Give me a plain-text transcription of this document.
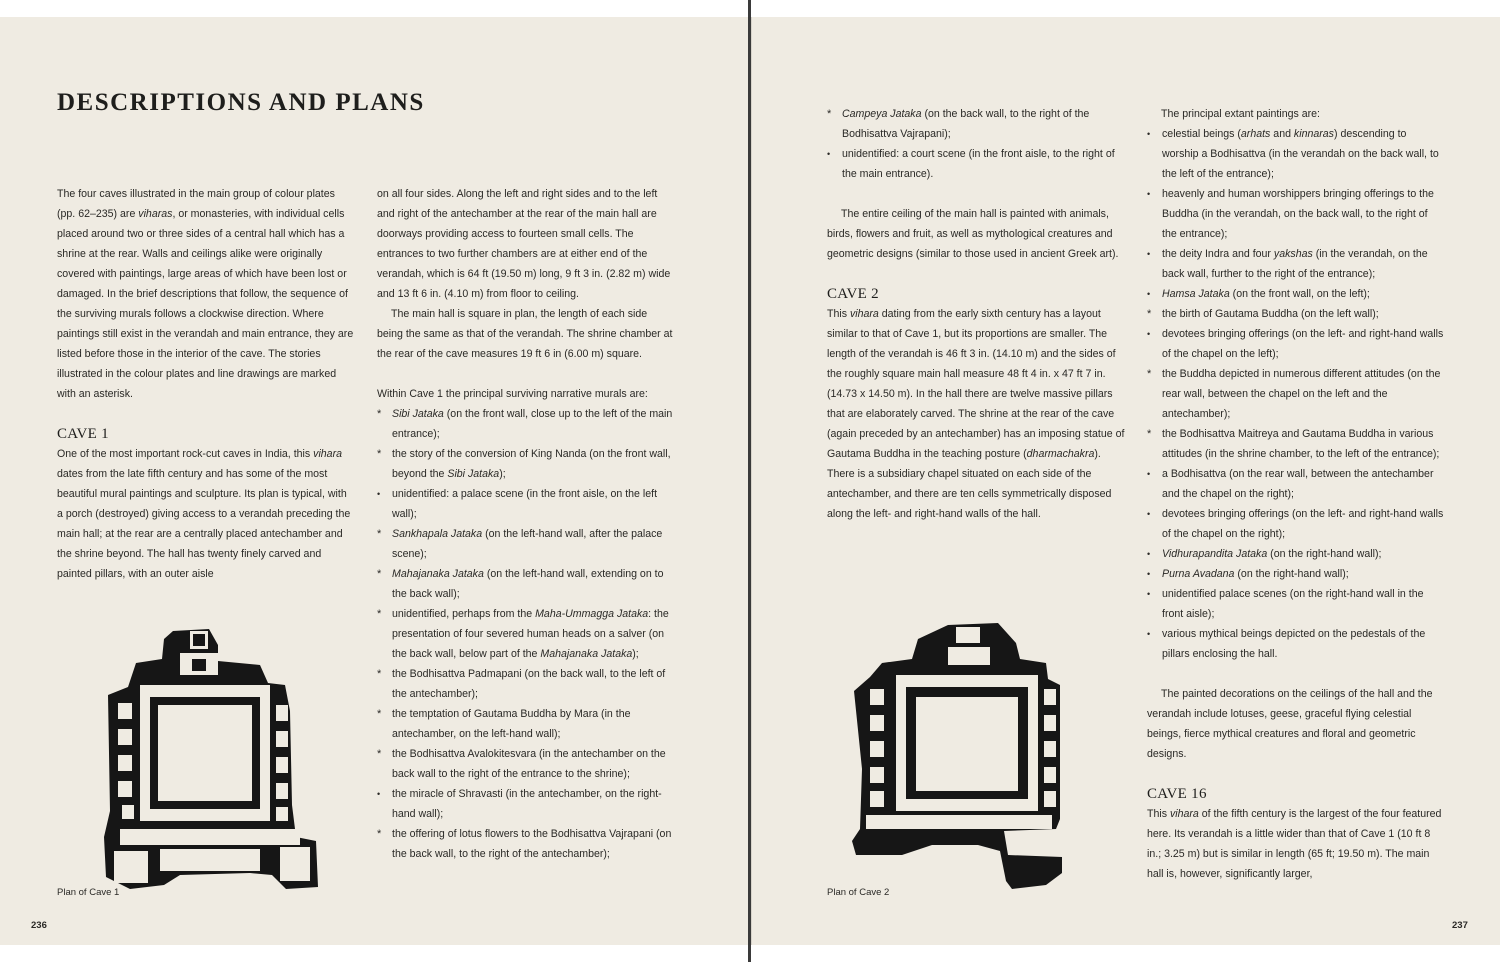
DESCRIPTIONS AND PLANS

The four caves illustrated in the main group of colour plates (pp. 62–235) are viharas, or monasteries, with individual cells placed around two or three sides of a central hall which has a shrine at the rear. Walls and ceilings alike were originally covered with paintings, large areas of which have been lost or damaged. In the brief descriptions that follow, the sequence of the surviving murals follows a clockwise direction. Where paintings still exist in the verandah and main entrance, they are listed before those in the interior of the cave. The stories illustrated in the colour plates and line drawings are marked with an asterisk.

CAVE 1

One of the most important rock-cut caves in India, this vihara dates from the late fifth century and has some of the most beautiful mural paintings and sculpture. Its plan is typical, with a porch (destroyed) giving access to a verandah preceding the main hall; at the rear are a centrally placed antechamber and the shrine beyond. The hall has twenty finely carved and painted pillars, with an outer aisle

on all four sides. Along the left and right sides and to the left and right of the antechamber at the rear of the main hall are doorways providing access to fourteen small cells. The entrances to two further chambers are at either end of the verandah, which is 64 ft (19.50 m) long, 9 ft 3 in. (2.82 m) wide and 13 ft 6 in. (4.10 m) from floor to ceiling.

The main hall is square in plan, the length of each side being the same as that of the verandah. The shrine chamber at the rear of the cave measures 19 ft 6 in (6.00 m) square.

Within Cave 1 the principal surviving narrative murals are:

*
Sibi Jataka (on the front wall, close up to the left of the main entrance);
*
the story of the conversion of King Nanda (on the front wall, beyond the Sibi Jataka);
•
unidentified: a palace scene (in the front aisle, on the left wall);
*
Sankhapala Jataka (on the left-hand wall, after the palace scene);
*
Mahajanaka Jataka (on the left-hand wall, extending on to the back wall);
*
unidentified, perhaps from the Maha-Ummagga Jataka: the presentation of four severed human heads on a salver (on the back wall, below part of the Mahajanaka Jataka);
*
the Bodhisattva Padmapani (on the back wall, to the left of the antechamber);
*
the temptation of Gautama Buddha by Mara (in the antechamber, on the left-hand wall);
*
the Bodhisattva Avalokitesvara (in the antechamber on the back wall to the right of the entrance to the shrine);
•
the miracle of Shravasti (in the antechamber, on the right-hand wall);
*
the offering of lotus flowers to the Bodhisattva Vajrapani (on the back wall, to the right of the antechamber);
Plan of Cave 1
236
*
Campeya Jataka (on the back wall, to the right of the Bodhisattva Vajrapani);
•
unidentified: a court scene (in the front aisle, to the right of the main entrance).

The entire ceiling of the main hall is painted with animals, birds, flowers and fruit, as well as mythological creatures and geometric designs (similar to those used in ancient Greek art).

CAVE 2

This vihara dating from the early sixth century has a layout similar to that of Cave 1, but its proportions are smaller. The length of the verandah is 46 ft 3 in. (14.10 m) and the sides of the roughly square main hall measure 48 ft 4 in. x 47 ft 7 in. (14.73 x 14.50 m). In the hall there are twelve massive pillars that are elaborately carved. The shrine at the rear of the cave (again preceded by an antechamber) has an imposing statue of Gautama Buddha in the teaching posture (dharmachakra). There is a subsidiary chapel situated on each side of the antechamber, and there are ten cells symmetrically disposed along the left- and right-hand walls of the hall.

Plan of Cave 2

The principal extant paintings are:

•
celestial beings (arhats and kinnaras) descending to worship a Bodhisattva (in the verandah on the back wall, to the left of the entrance);
•
heavenly and human worshippers bringing offerings to the Buddha (in the verandah, on the back wall, to the right of the entrance);
•
the deity Indra and four yakshas (in the verandah, on the back wall, further to the right of the entrance);
•
Hamsa Jataka (on the front wall, on the left);
*
the birth of Gautama Buddha (on the left wall);
•
devotees bringing offerings (on the left- and right-hand walls of the chapel on the left);
*
the Buddha depicted in numerous different attitudes (on the rear wall, between the chapel on the left and the antechamber);
*
the Bodhisattva Maitreya and Gautama Buddha in various attitudes (in the shrine chamber, to the left of the entrance);
•
a Bodhisattva (on the rear wall, between the antechamber and the chapel on the right);
•
devotees bringing offerings (on the left- and right-hand walls of the chapel on the right);
•
Vidhurapandita Jataka (on the right-hand wall);
•
Purna Avadana (on the right-hand wall);
•
unidentified palace scenes (on the right-hand wall in the front aisle);
•
various mythical beings depicted on the pedestals of the pillars enclosing the hall.

The painted decorations on the ceilings of the hall and the verandah include lotuses, geese, graceful flying celestial beings, fierce mythical creatures and floral and geometric designs.

CAVE 16

This vihara of the fifth century is the largest of the four featured here. Its verandah is a little wider than that of Cave 1 (10 ft 8 in.; 3.25 m) but is similar in length (65 ft; 19.50 m). The main hall is, however, significantly larger,

237
